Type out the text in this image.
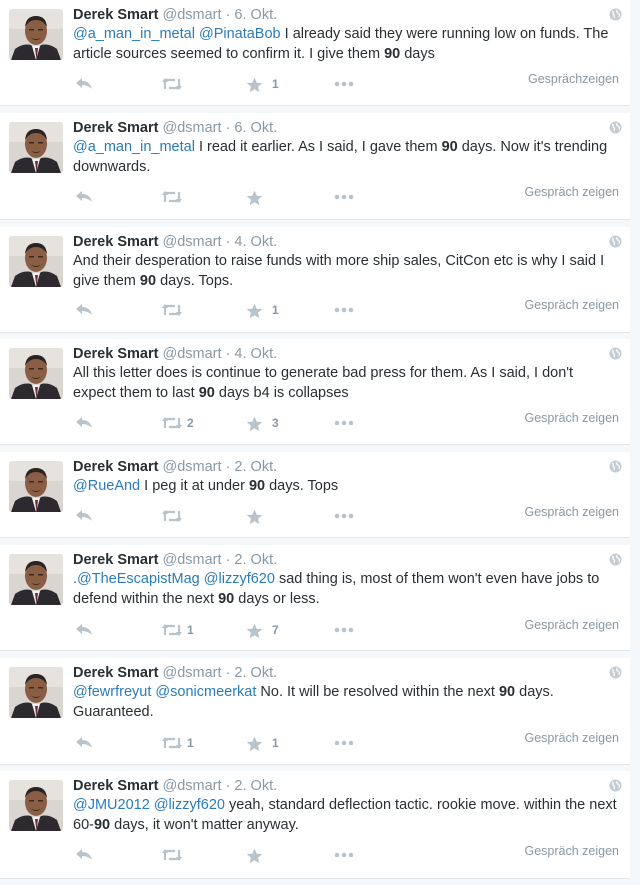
Derek Smart @dsmart · 6. Okt.
@a_man_in_metal @PinataBob I already said they were running low on funds. The article sources seemed to confirm it. I give them 90 days
1	Gesprächzeigen
Derek Smart @dsmart · 6. Okt.
@a_man_in_metal I read it earlier. As I said, I gave them 90 days. Now it's trending downwards.
Gespräch zeigen
Derek Smart @dsmart · 4. Okt.
And their desperation to raise funds with more ship sales, CitCon etc is why I said I give them 90 days. Tops.
1	Gespräch zeigen
Derek Smart @dsmart · 4. Okt.
All this letter does is continue to generate bad press for them. As I said, I don't expect them to last 90 days b4 is collapses
2	3	Gespräch zeigen
Derek Smart @dsmart · 2. Okt.
@RueAnd I peg it at under 90 days. Tops
Gespräch zeigen
Derek Smart @dsmart · 2. Okt.
.@TheEscapistMag @lizzyf620 sad thing is, most of them won't even have jobs to defend within the next 90 days or less.
1	7	Gespräch zeigen
Derek Smart @dsmart · 2. Okt.
@fewrfreyut @sonicmeerkat No. It will be resolved within the next 90 days. Guaranteed.
1	1	Gespräch zeigen
Derek Smart @dsmart · 2. Okt.
@JMU2012 @lizzyf620 yeah, standard deflection tactic. rookie move. within the next 60-90 days, it won't matter anyway.
Gespräch zeigen
